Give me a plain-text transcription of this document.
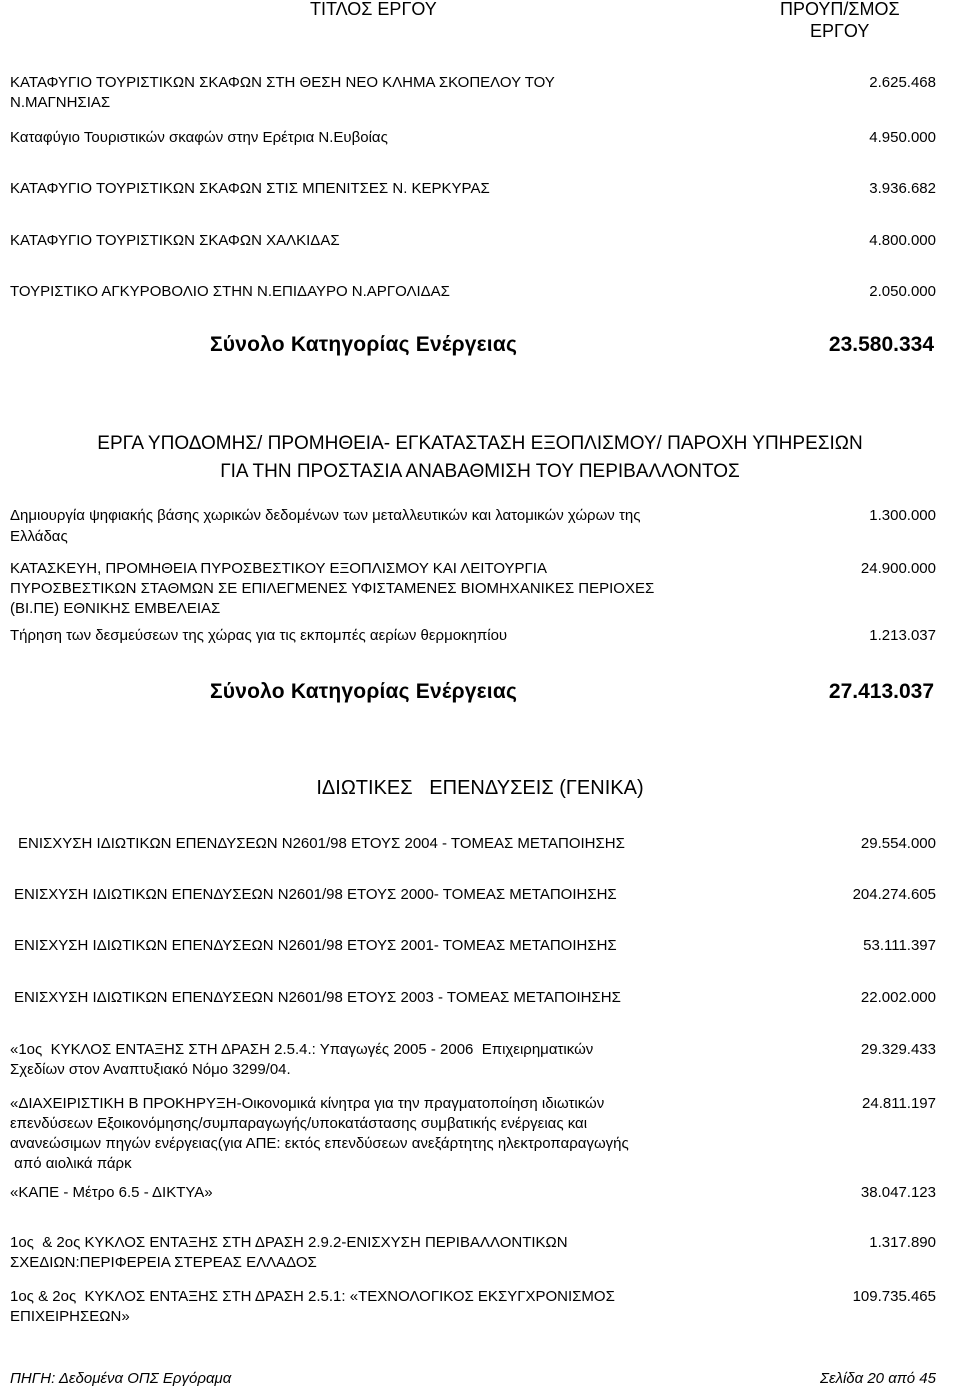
ΤΙΤΛΟΣ ΕΡΓΟΥ	ΠΡΟΥΠ/ΣΜΟΣ
ΕΡΓΟΥ
ΚΑΤΑΦΥΓΙΟ ΤΟΥΡΙΣΤΙΚΩΝ ΣΚΑΦΩΝ ΣΤΗ ΘΕΣΗ ΝΕΟ ΚΛΗΜΑ ΣΚΟΠΕΛΟΥ ΤΟΥ
Ν.ΜΑΓΝΗΣΙΑΣ
2.625.468
Καταφύγιο Τουριστικών σκαφών στην Ερέτρια Ν.Ευβοίας	4.950.000
ΚΑΤΑΦΥΓΙΟ ΤΟΥΡΙΣΤΙΚΩΝ ΣΚΑΦΩΝ ΣΤΙΣ ΜΠΕΝΙΤΣΕΣ Ν. ΚΕΡΚΥΡΑΣ	3.936.682
ΚΑΤΑΦΥΓΙΟ ΤΟΥΡΙΣΤΙΚΩΝ ΣΚΑΦΩΝ ΧΑΛΚΙΔΑΣ	4.800.000
ΤΟΥΡΙΣΤΙΚΟ ΑΓΚΥΡΟΒΟΛΙΟ ΣΤΗΝ Ν.ΕΠΙΔΑΥΡΟ Ν.ΑΡΓΟΛΙΔΑΣ	2.050.000
Σύνολο Κατηγορίας Ενέργειας	23.580.334
ΕΡΓΑ ΥΠΟΔΟΜΗΣ/ ΠΡΟΜΗΘΕΙΑ- ΕΓΚΑΤΑΣΤΑΣΗ ΕΞΟΠΛΙΣΜΟΥ/ ΠΑΡΟΧΗ ΥΠΗΡΕΣΙΩΝ
ΓΙΑ ΤΗΝ ΠΡΟΣΤΑΣΙΑ ΑΝΑΒΑΘΜΙΣΗ ΤΟΥ ΠΕΡΙΒΑΛΛΟΝΤΟΣ
Δημιουργία ψηφιακής βάσης χωρικών δεδομένων των μεταλλευτικών και λατομικών χώρων της
Ελλάδας
1.300.000
ΚΑΤΑΣΚΕΥΗ, ΠΡΟΜΗΘΕΙΑ ΠΥΡΟΣΒΕΣΤΙΚΟΥ ΕΞΟΠΛΙΣΜΟΥ ΚΑΙ ΛΕΙΤΟΥΡΓΙΑ
ΠΥΡΟΣΒΕΣΤΙΚΩΝ ΣΤΑΘΜΩΝ ΣΕ ΕΠΙΛΕΓΜΕΝΕΣ ΥΦΙΣΤΑΜΕΝΕΣ ΒΙΟΜΗΧΑΝΙΚΕΣ ΠΕΡΙΟΧΕΣ
(ΒΙ.ΠΕ) ΕΘΝΙΚΗΣ ΕΜΒΕΛΕΙΑΣ
24.900.000
Τήρηση των δεσμεύσεων της χώρας για τις εκπομπές αερίων θερμοκηπίου	1.213.037
Σύνολο Κατηγορίας Ενέργειας	27.413.037
ΙΔΙΩΤΙΚΕΣ   ΕΠΕΝΔΥΣΕΙΣ (ΓΕΝΙΚΑ)
ΕΝΙΣΧΥΣΗ ΙΔΙΩΤΙΚΩΝ ΕΠΕΝΔΥΣΕΩΝ Ν2601/98 ΕΤΟΥΣ 2004 - ΤΟΜΕΑΣ ΜΕΤΑΠΟΙΗΣΗΣ	29.554.000
ΕΝΙΣΧΥΣΗ ΙΔΙΩΤΙΚΩΝ ΕΠΕΝΔΥΣΕΩΝ Ν2601/98 ΕΤΟΥΣ 2000- ΤΟΜΕΑΣ ΜΕΤΑΠΟΙΗΣΗΣ	204.274.605
ΕΝΙΣΧΥΣΗ ΙΔΙΩΤΙΚΩΝ ΕΠΕΝΔΥΣΕΩΝ Ν2601/98 ΕΤΟΥΣ 2001- ΤΟΜΕΑΣ ΜΕΤΑΠΟΙΗΣΗΣ	53.111.397
ΕΝΙΣΧΥΣΗ ΙΔΙΩΤΙΚΩΝ ΕΠΕΝΔΥΣΕΩΝ Ν2601/98 ΕΤΟΥΣ 2003 - ΤΟΜΕΑΣ ΜΕΤΑΠΟΙΗΣΗΣ	22.002.000
«1ος  ΚΥΚΛΟΣ ΕΝΤΑΞΗΣ ΣΤΗ ΔΡΑΣΗ 2.5.4.: Υπαγωγές 2005 - 2006  Επιχειρηματικών
Σχεδίων στον Αναπτυξιακό Νόμο 3299/04.
29.329.433
«ΔΙΑΧΕΙΡΙΣΤΙΚΗ Β ΠΡΟΚΗΡΥΞΗ-Οικονομικά κίνητρα για την πραγματοποίηση ιδιωτικών
επενδύσεων Εξοικονόμησης/συμπαραγωγής/υποκατάστασης συμβατικής ενέργειας και
ανανεώσιμων πηγών ενέργειας(για ΑΠΕ: εκτός επενδύσεων ανεξάρτητης ηλεκτροπαραγωγής
από αιολικά πάρκ
24.811.197
«ΚΑΠΕ - Μέτρο 6.5 - ΔΙΚΤΥΑ»	38.047.123
1ος  & 2ος ΚΥΚΛΟΣ ΕΝΤΑΞΗΣ ΣΤΗ ΔΡΑΣΗ 2.9.2-ΕΝΙΣΧΥΣΗ ΠΕΡΙΒΑΛΛΟΝΤΙΚΩΝ
ΣΧΕΔΙΩΝ:ΠΕΡΙΦΕΡΕΙΑ ΣΤΕΡΕΑΣ ΕΛΛΑΔΟΣ
1.317.890
1ος & 2ος  ΚΥΚΛΟΣ ΕΝΤΑΞΗΣ ΣΤΗ ΔΡΑΣΗ 2.5.1: «ΤΕΧΝΟΛΟΓΙΚΟΣ ΕΚΣΥΓΧΡΟΝΙΣΜΟΣ
ΕΠΙΧΕΙΡΗΣΕΩΝ»
109.735.465
ΠΗΓΗ: Δεδομένα ΟΠΣ Εργόραμα	Σελίδα 20 από 45
